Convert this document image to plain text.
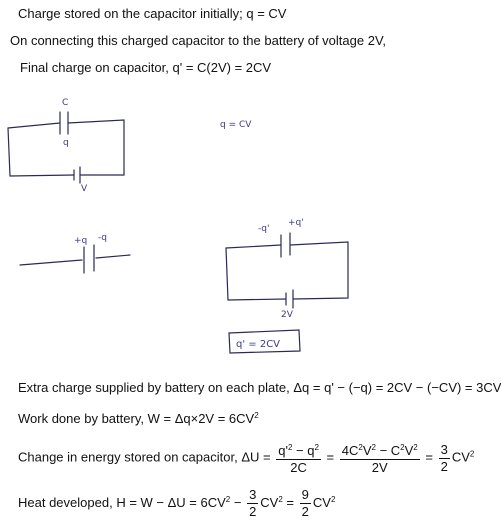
Charge stored on the capacitor initially; q = CV
On connecting this charged capacitor to the battery of voltage 2V,
Final charge on capacitor, q' = C(2V) = 2CV
C
q
V
q = CV
+q -q
-q'
+q'
2V
q' = 2CV
Extra charge supplied by battery on each plate, Δq = q' − (−q) = 2CV − (−CV) = 3CV
Work done by battery, $W = \Delta q\times 2V = 6CV^2$
Change in energy stored on capacitor, $\Delta U = \frac{q'^2 - q^2}{2C} = \frac{4C^2V^2 - C^2V^2}{2V} = \frac{3}{2} CV^2$
Heat developed, $H = W - \Delta U = 6CV^2 - \frac{3}{2} CV^2 = \frac{9}{2} CV^2$
